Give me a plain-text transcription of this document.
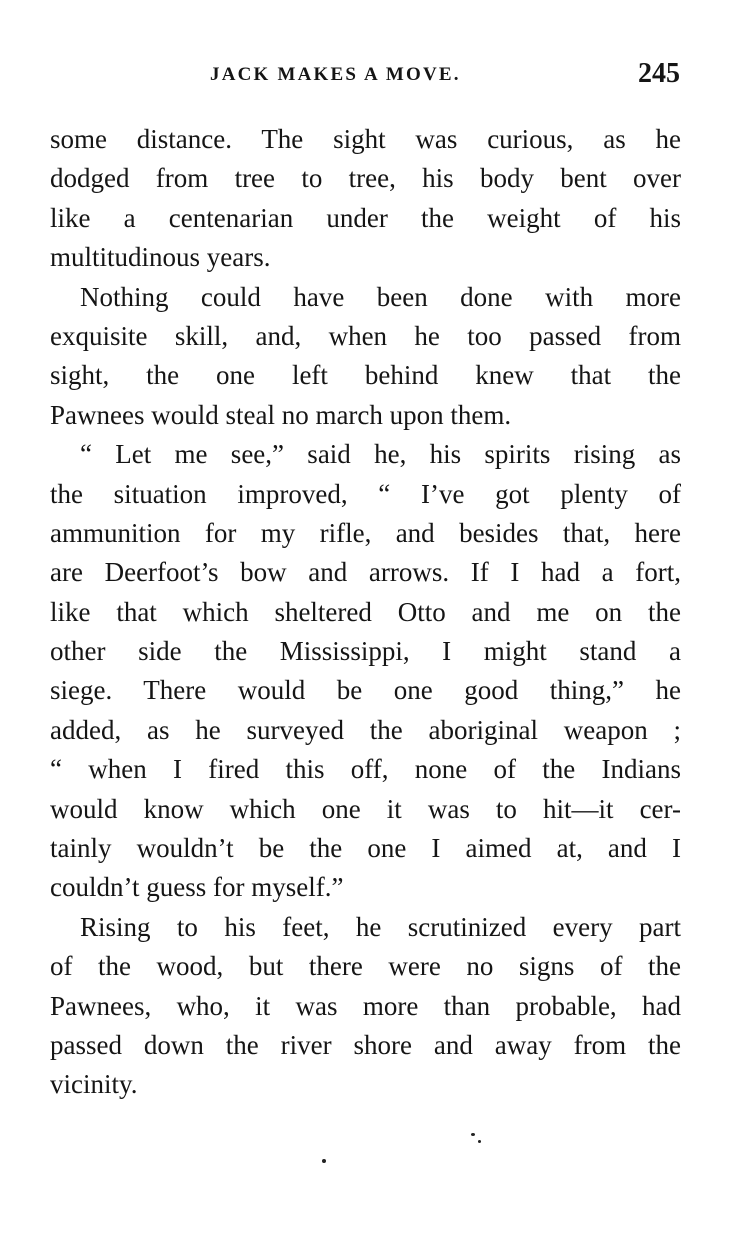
JACK MAKES A MOVE.	245
some distance. The sight was curious, as he
dodged from tree to tree, his body bent over
like a centenarian under the weight of his
multitudinous years.
Nothing could have been done with more
exquisite skill, and, when he too passed from
sight, the one left behind knew that the
Pawnees would steal no march upon them.
“ Let me see,” said he, his spirits rising as
the situation improved, “ I’ve got plenty of
ammunition for my rifle, and besides that, here
are Deerfoot’s bow and arrows. If I had a fort,
like that which sheltered Otto and me on the
other side the Mississippi, I might stand a
siege. There would be one good thing,” he
added, as he surveyed the aboriginal weapon ;
“ when I fired this off, none of the Indians
would know which one it was to hit—it cer-
tainly wouldn’t be the one I aimed at, and I
couldn’t guess for myself.”
Rising to his feet, he scrutinized every part
of the wood, but there were no signs of the
Pawnees, who, it was more than probable, had
passed down the river shore and away from the
vicinity.
